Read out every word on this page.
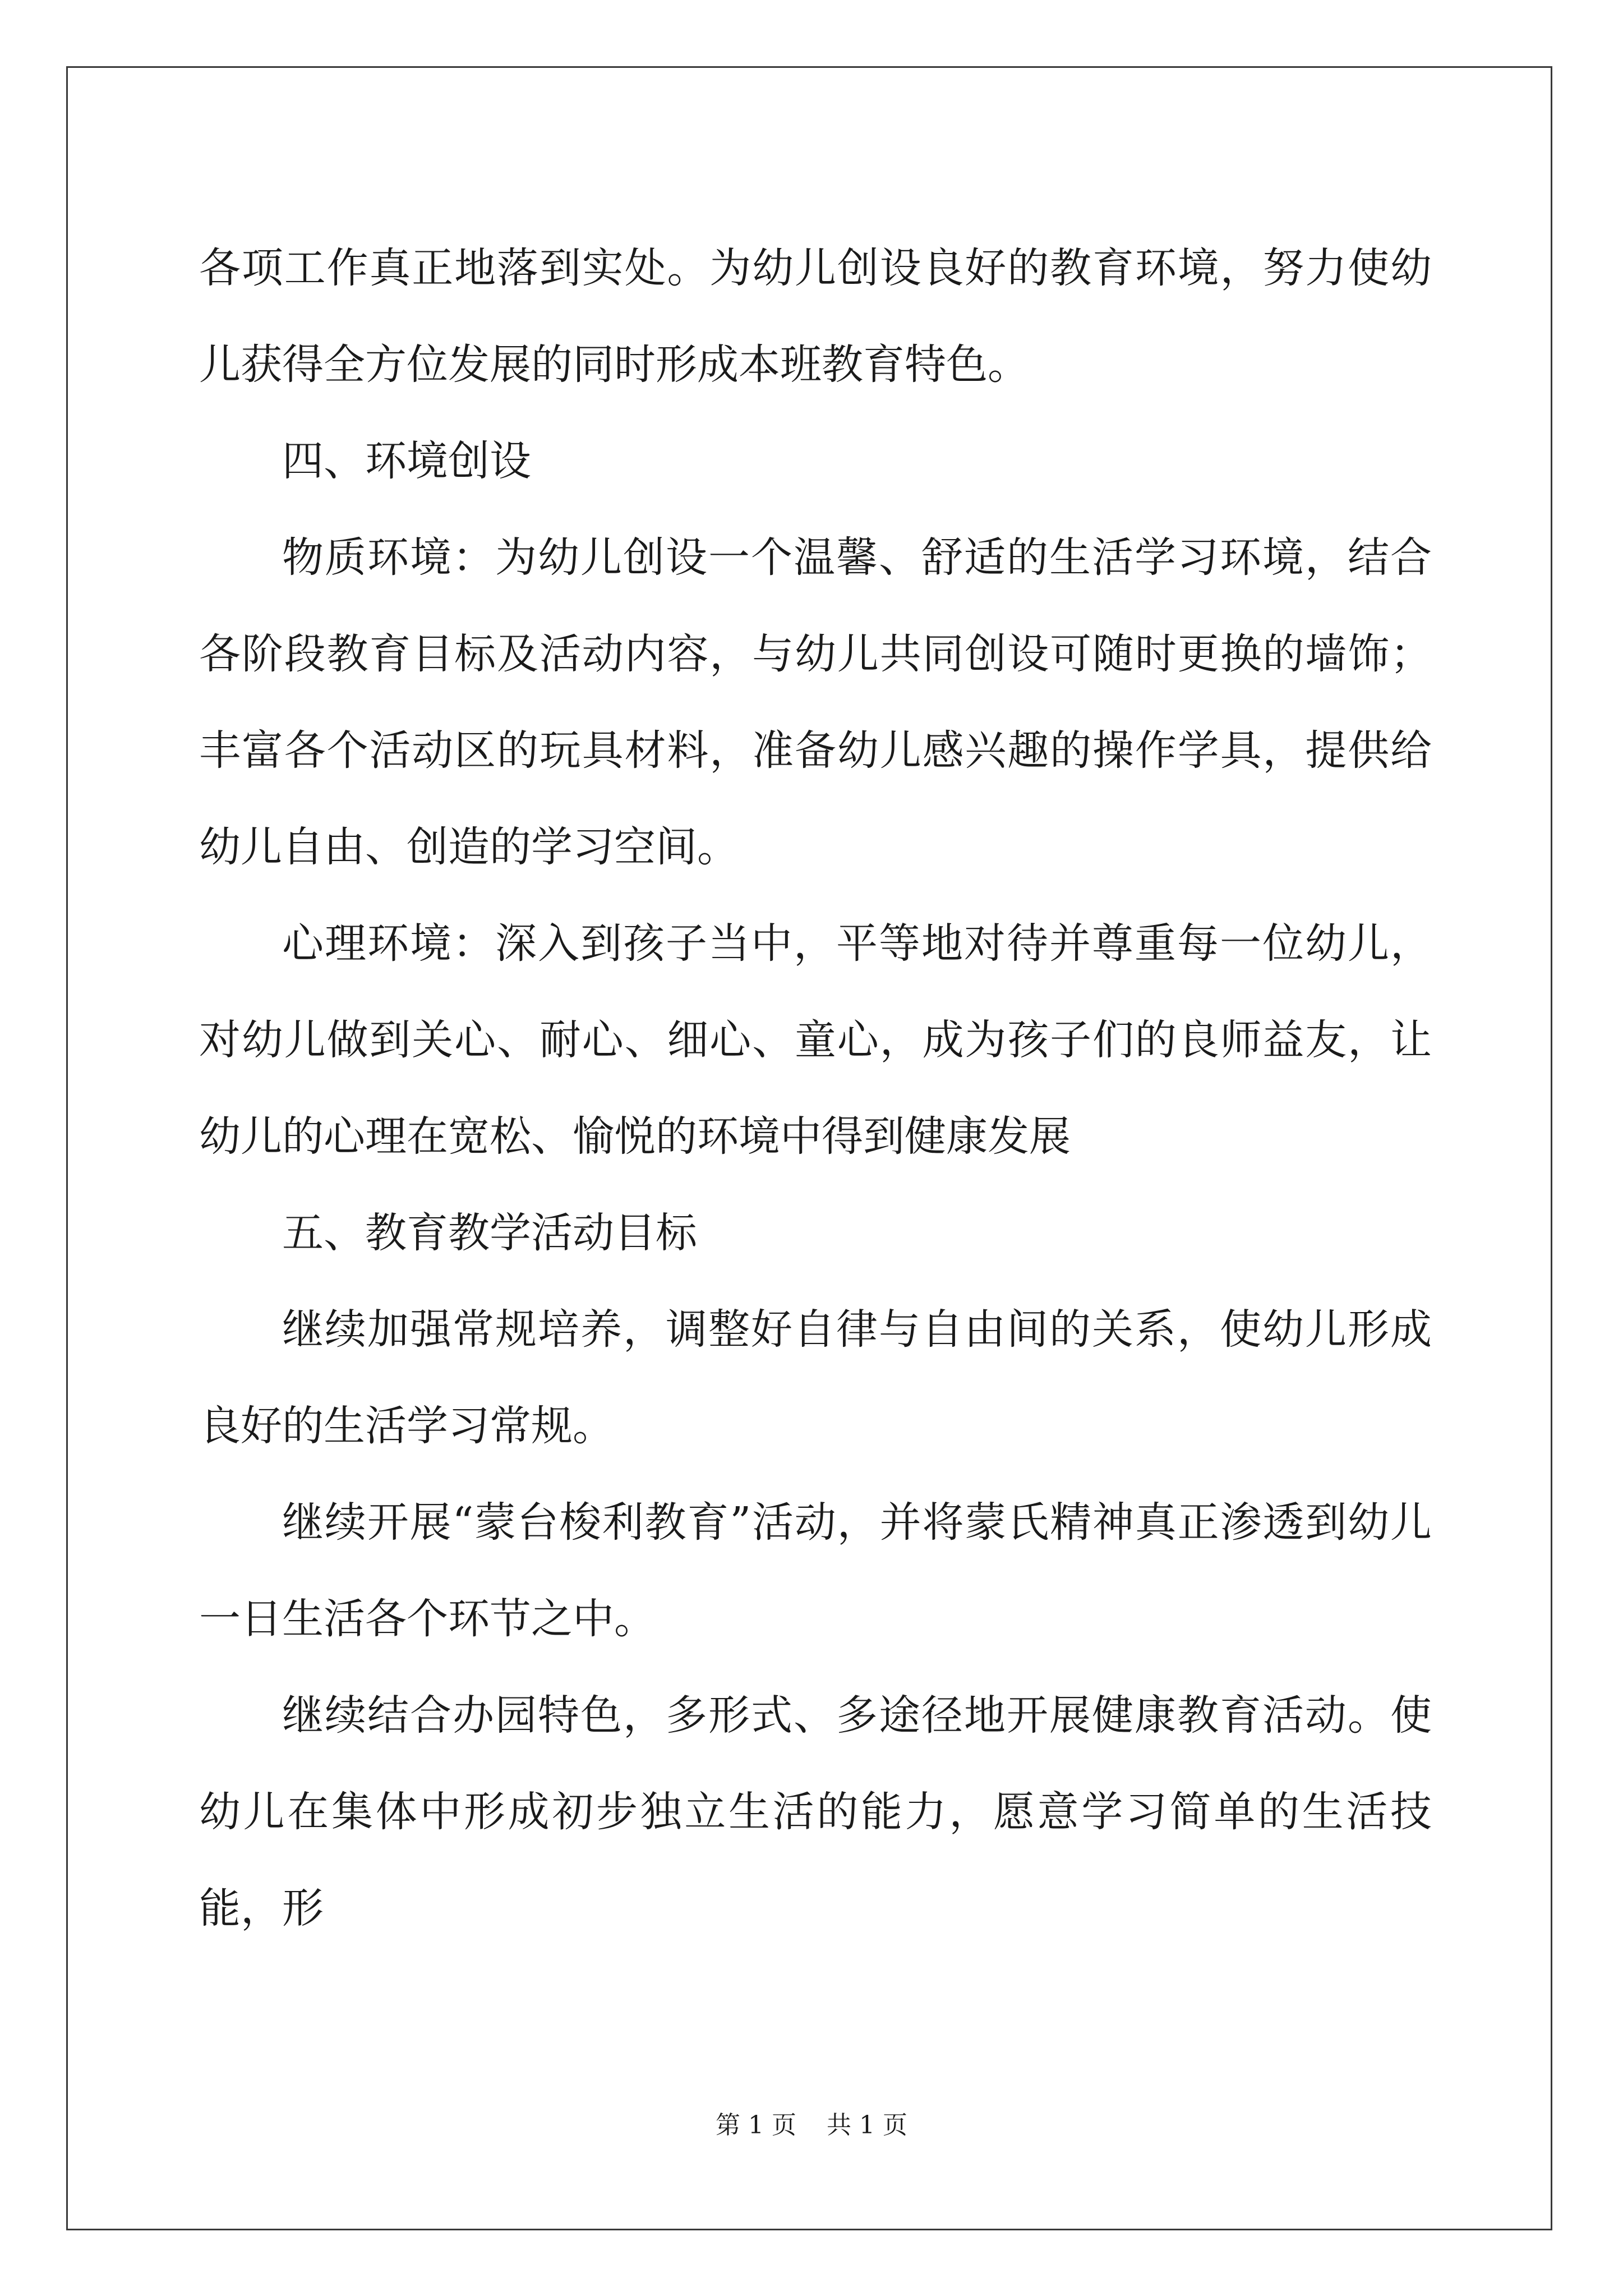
各项工作真正地落到实处。为幼儿创设良好的教育环境，努力使幼儿获得全方位发展的同时形成本班教育特色。

四、环境创设

物质环境：为幼儿创设一个温馨、舒适的生活学习环境，结合各阶段教育目标及活动内容，与幼儿共同创设可随时更换的墙饰；丰富各个活动区的玩具材料，准备幼儿感兴趣的操作学具，提供给幼儿自由、创造的学习空间。

心理环境：深入到孩子当中，平等地对待并尊重每一位幼儿，对幼儿做到关心、耐心、细心、童心，成为孩子们的良师益友，让幼儿的心理在宽松、愉悦的环境中得到健康发展

五、教育教学活动目标

继续加强常规培养，调整好自律与自由间的关系，使幼儿形成良好的生活学习常规。

继续开展“蒙台梭利教育”活动，并将蒙氏精神真正渗透到幼儿一日生活各个环节之中。

继续结合办园特色，多形式、多途径地开展健康教育活动。使幼儿在集体中形成初步独立生活的能力，愿意学习简单的生活技能，形

第 1 页 共 1 页
